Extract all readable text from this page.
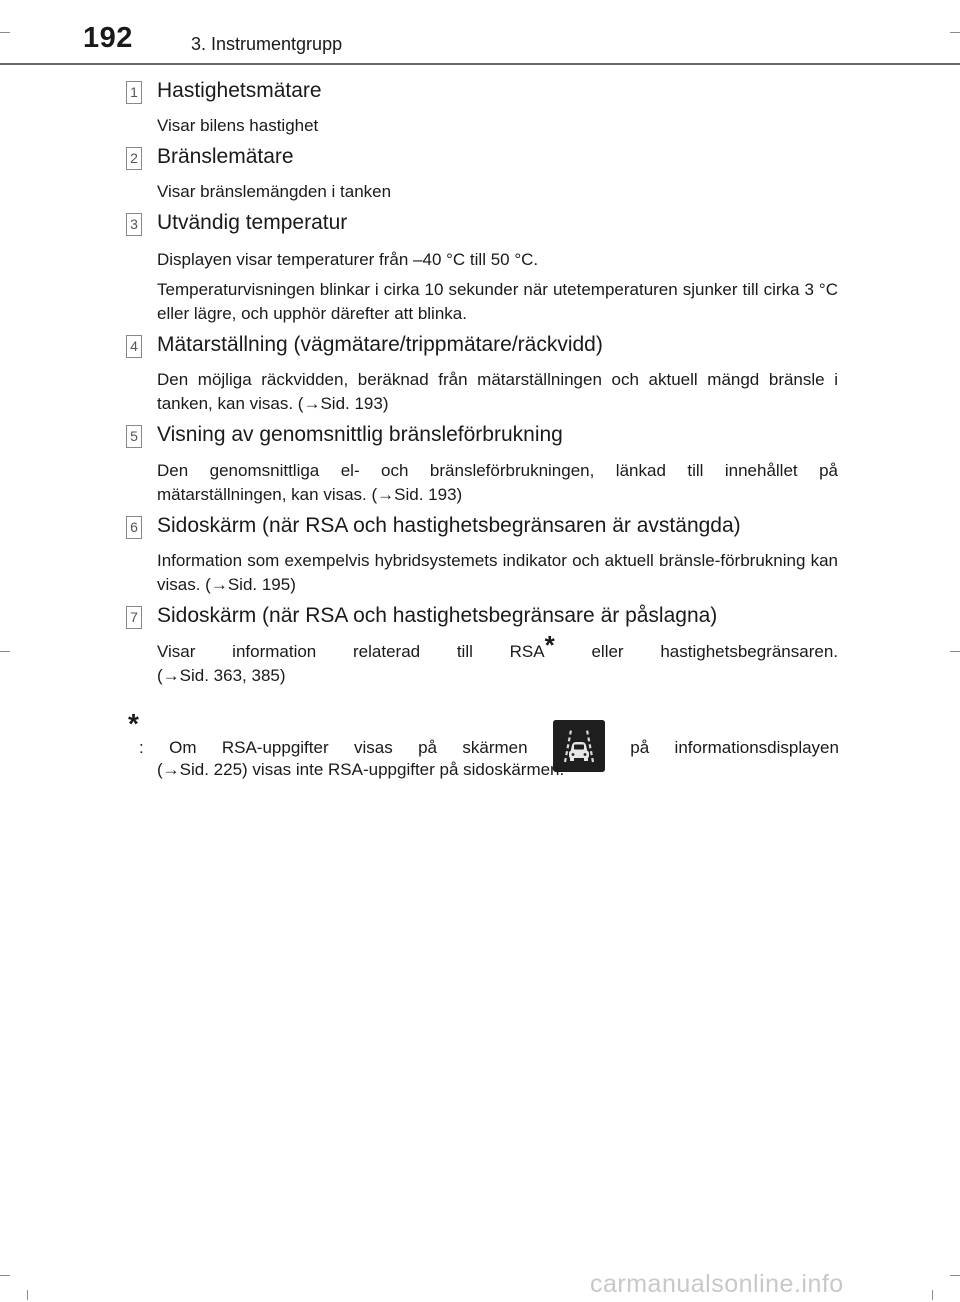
192	3. Instrumentgrupp
1 Hastighetsmätare
Visar bilens hastighet
2 Bränslemätare
Visar bränslemängden i tanken
3 Utvändig temperatur
Displayen visar temperaturer från –40 °C till 50 °C.
Temperaturvisningen blinkar i cirka 10 sekunder när utetemperaturen sjunker till cirka 3 °C eller lägre, och upphör därefter att blinka.
4 Mätarställning (vägmätare/trippmätare/räckvidd)
Den möjliga räckvidden, beräknad från mätarställningen och aktuell mängd bränsle i tanken, kan visas. (→Sid. 193)
5 Visning av genomsnittlig bränsleförbrukning
Den genomsnittliga el- och bränsleförbrukningen, länkad till innehållet på mätarställningen, kan visas. (→Sid. 193)
6 Sidoskärm (när RSA och hastighetsbegränsaren är avstängda)
Information som exempelvis hybridsystemets indikator och aktuell bränsle-förbrukning kan visas. (→Sid. 195)
7 Sidoskärm (när RSA och hastighetsbegränsare är påslagna)
Visar information relaterad till RSA* eller hastighetsbegränsaren.
(→Sid. 363, 385)
*
: Om RSA-uppgifter visas på skärmen	på informationsdisplayen
(→Sid. 225) visas inte RSA-uppgifter på sidoskärmen.
carmanualsonline.info
